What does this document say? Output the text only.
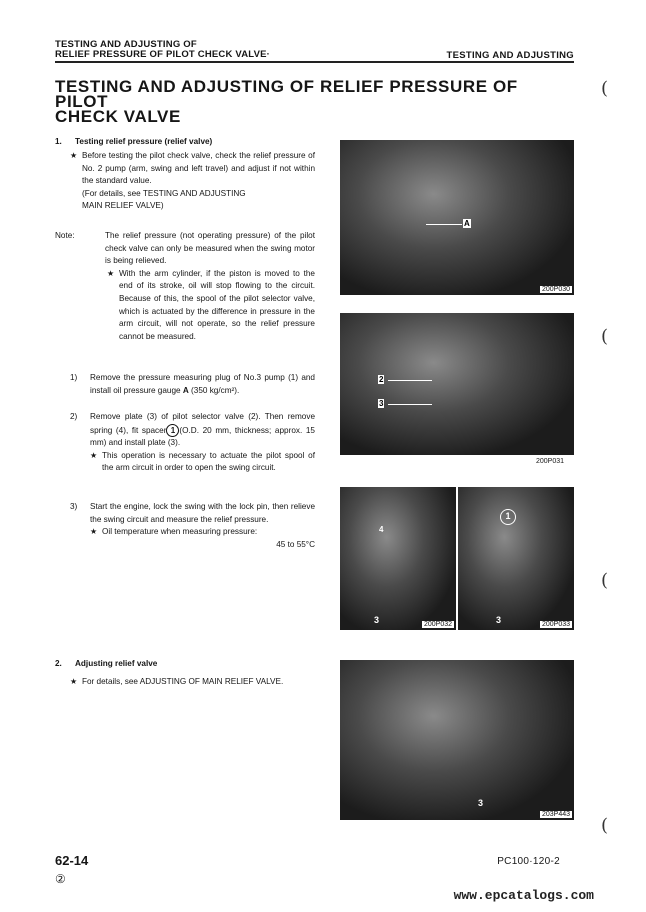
TESTING AND ADJUSTING OF
RELIEF PRESSURE OF PILOT CHECK VALVE·	TESTING AND ADJUSTING
TESTING AND ADJUSTING OF RELIEF PRESSURE OF PILOT
CHECK VALVE
1.	Testing relief pressure (relief valve)
★ Before testing the pilot check valve, check the relief pressure of No. 2 pump (arm, swing and left travel) and adjust if not within the standard value.
(For details, see TESTING AND ADJUSTING
MAIN RELIEF VALVE)
Note:	The relief pressure (not operating pressure) of the pilot check valve can only be measured when the swing motor is being relieved.
★ With the arm cylinder, if the piston is moved to the end of its stroke, oil will stop flowing to the circuit. Because of this, the spool of the pilot selector valve, which is actuated by the difference in pressure in the arm circuit, will not operate, so the relief pressure cannot be measured.
1)	Remove the pressure measuring plug of No.3 pump (1) and install oil pressure gauge A (350 kg/cm²).
2)	Remove plate (3) of pilot selector valve (2). Then remove spring (4), fit spacer 1 (O.D. 20 mm, thickness; approx. 15 mm) and install plate (3).
★ This operation is necessary to actuate the pilot spool of the arm circuit in order to open the swing circuit.
3)	Start the engine, lock the swing with the lock pin, then relieve the swing circuit and measure the relief pressure.
★ Oil temperature when measuring pressure:
45 to 55°C
2.	Adjusting relief valve
★ For details, see ADJUSTING OF MAIN RELIEF VALVE.
A
200P030
2
3
200P031
4
3	200P032
1
3	200P033
3
203P443
(
(
(
(
62-14
②
PC100·120-2
www.epcatalogs.com
